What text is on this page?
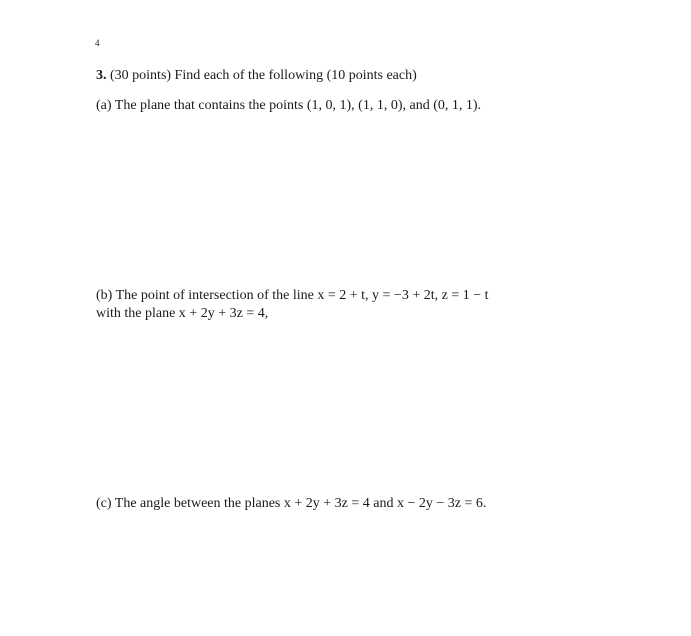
4
3. (30 points) Find each of the following (10 points each)
(a) The plane that contains the points (1, 0, 1), (1, 1, 0), and (0, 1, 1).
(b) The point of intersection of the line x = 2 + t, y = −3 + 2t, z = 1 − t
with the plane x + 2y + 3z = 4,
(c) The angle between the planes x + 2y + 3z = 4 and x − 2y − 3z = 6.
